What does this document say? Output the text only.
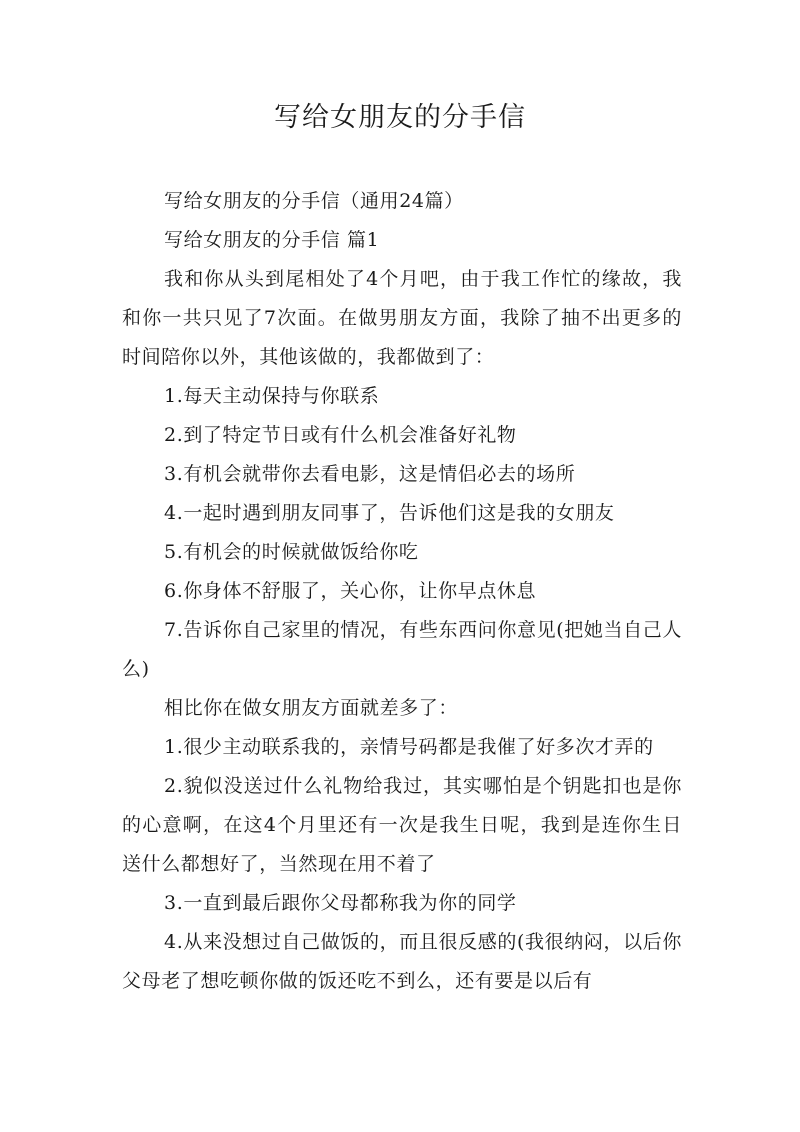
写给女朋友的分手信

写给女朋友的分手信（通用24篇）

写给女朋友的分手信 篇1

我和你从头到尾相处了4个月吧，由于我工作忙的缘故，我和你一共只见了7次面。在做男朋友方面，我除了抽不出更多的时间陪你以外，其他该做的，我都做到了：

1.每天主动保持与你联系

2.到了特定节日或有什么机会准备好礼物

3.有机会就带你去看电影，这是情侣必去的场所

4.一起时遇到朋友同事了，告诉他们这是我的女朋友

5.有机会的时候就做饭给你吃

6.你身体不舒服了，关心你，让你早点休息

7.告诉你自己家里的情况，有些东西问你意见(把她当自己人么)

相比你在做女朋友方面就差多了：

1.很少主动联系我的，亲情号码都是我催了好多次才弄的

2.貌似没送过什么礼物给我过，其实哪怕是个钥匙扣也是你的心意啊，在这4个月里还有一次是我生日呢，我到是连你生日送什么都想好了，当然现在用不着了

3.一直到最后跟你父母都称我为你的同学

4.从来没想过自己做饭的，而且很反感的(我很纳闷，以后你父母老了想吃顿你做的饭还吃不到么，还有要是以后有
